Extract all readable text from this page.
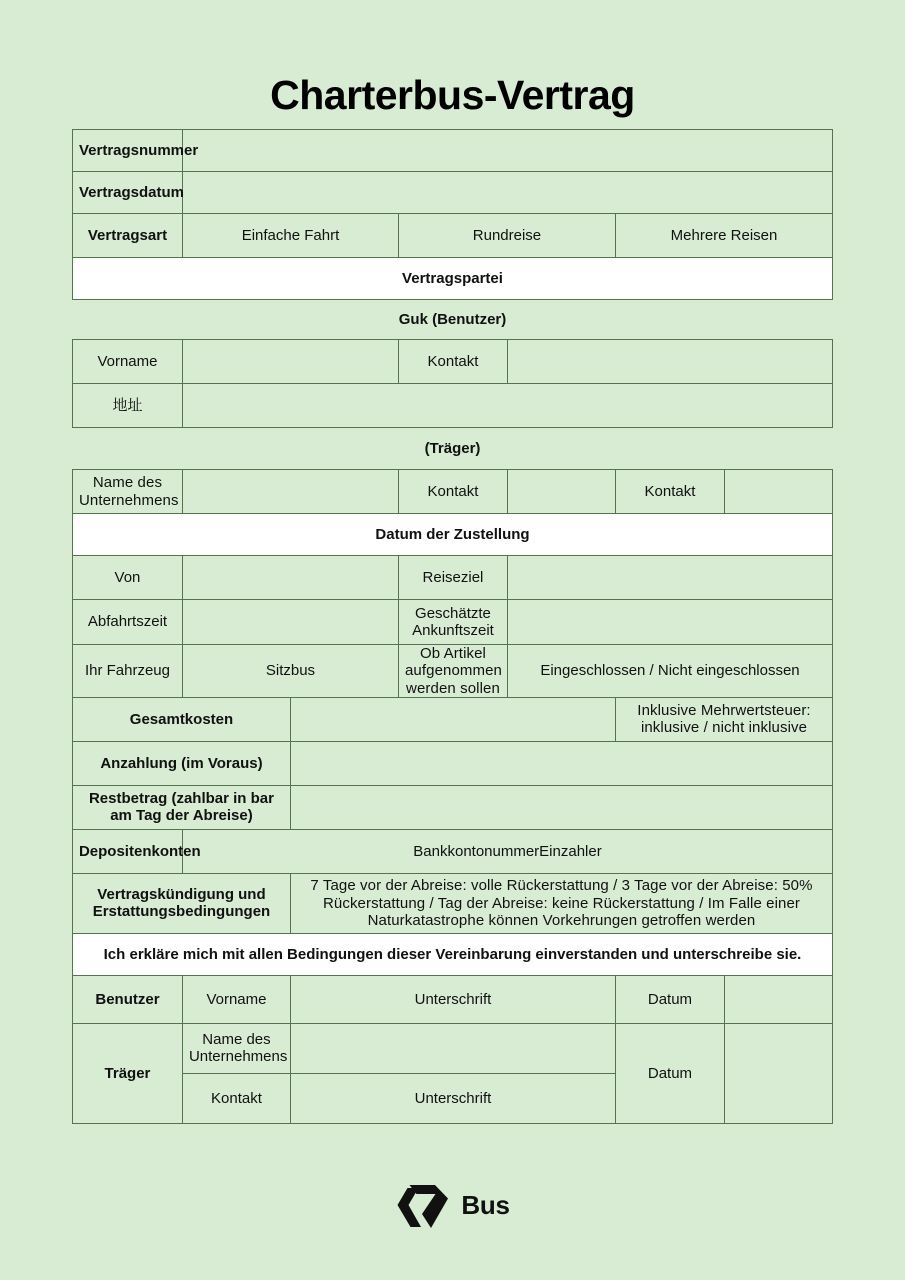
Charterbus-Vertrag
Vertragsnummer						
Vertragsdatum						
Vertragsart	Einfache Fahrt		Rundreise		Mehrere Reisen	
Vertragspartei						
Guk (Benutzer)						
Vorname			Kontakt			
地址						
(Träger)						
Name des Unternehmens			Kontakt		Kontakt	
Datum der Zustellung						
Von			Reiseziel			
Abfahrtszeit			Geschätzte Ankunftszeit			
Ihr Fahrzeug	Sitzbus		Ob Artikel aufgenommen werden sollen	Eingeschlossen / Nicht eingeschlossen		
Gesamtkosten					Inklusive Mehrwertsteuer: inklusive / nicht inklusive	
Anzahlung (im Voraus)						
Restbetrag (zahlbar in bar am Tag der Abreise)						
Depositenkonten	BankkontonummerEinzahler					
Vertragskündigung und Erstattungsbedingungen		7 Tage vor der Abreise: volle Rückerstattung / 3 Tage vor der Abreise: 50% Rückerstattung / Tag der Abreise: keine Rückerstattung / Im Falle einer Naturkatastrophe können Vorkehrungen getroffen werden				
Ich erkläre mich mit allen Bedingungen dieser Vereinbarung einverstanden und unterschreibe sie.						
Benutzer	Vorname	Unterschrift			Datum	
Träger	Name des Unternehmens				Datum	
	Kontakt	Unterschrift				
Bus
